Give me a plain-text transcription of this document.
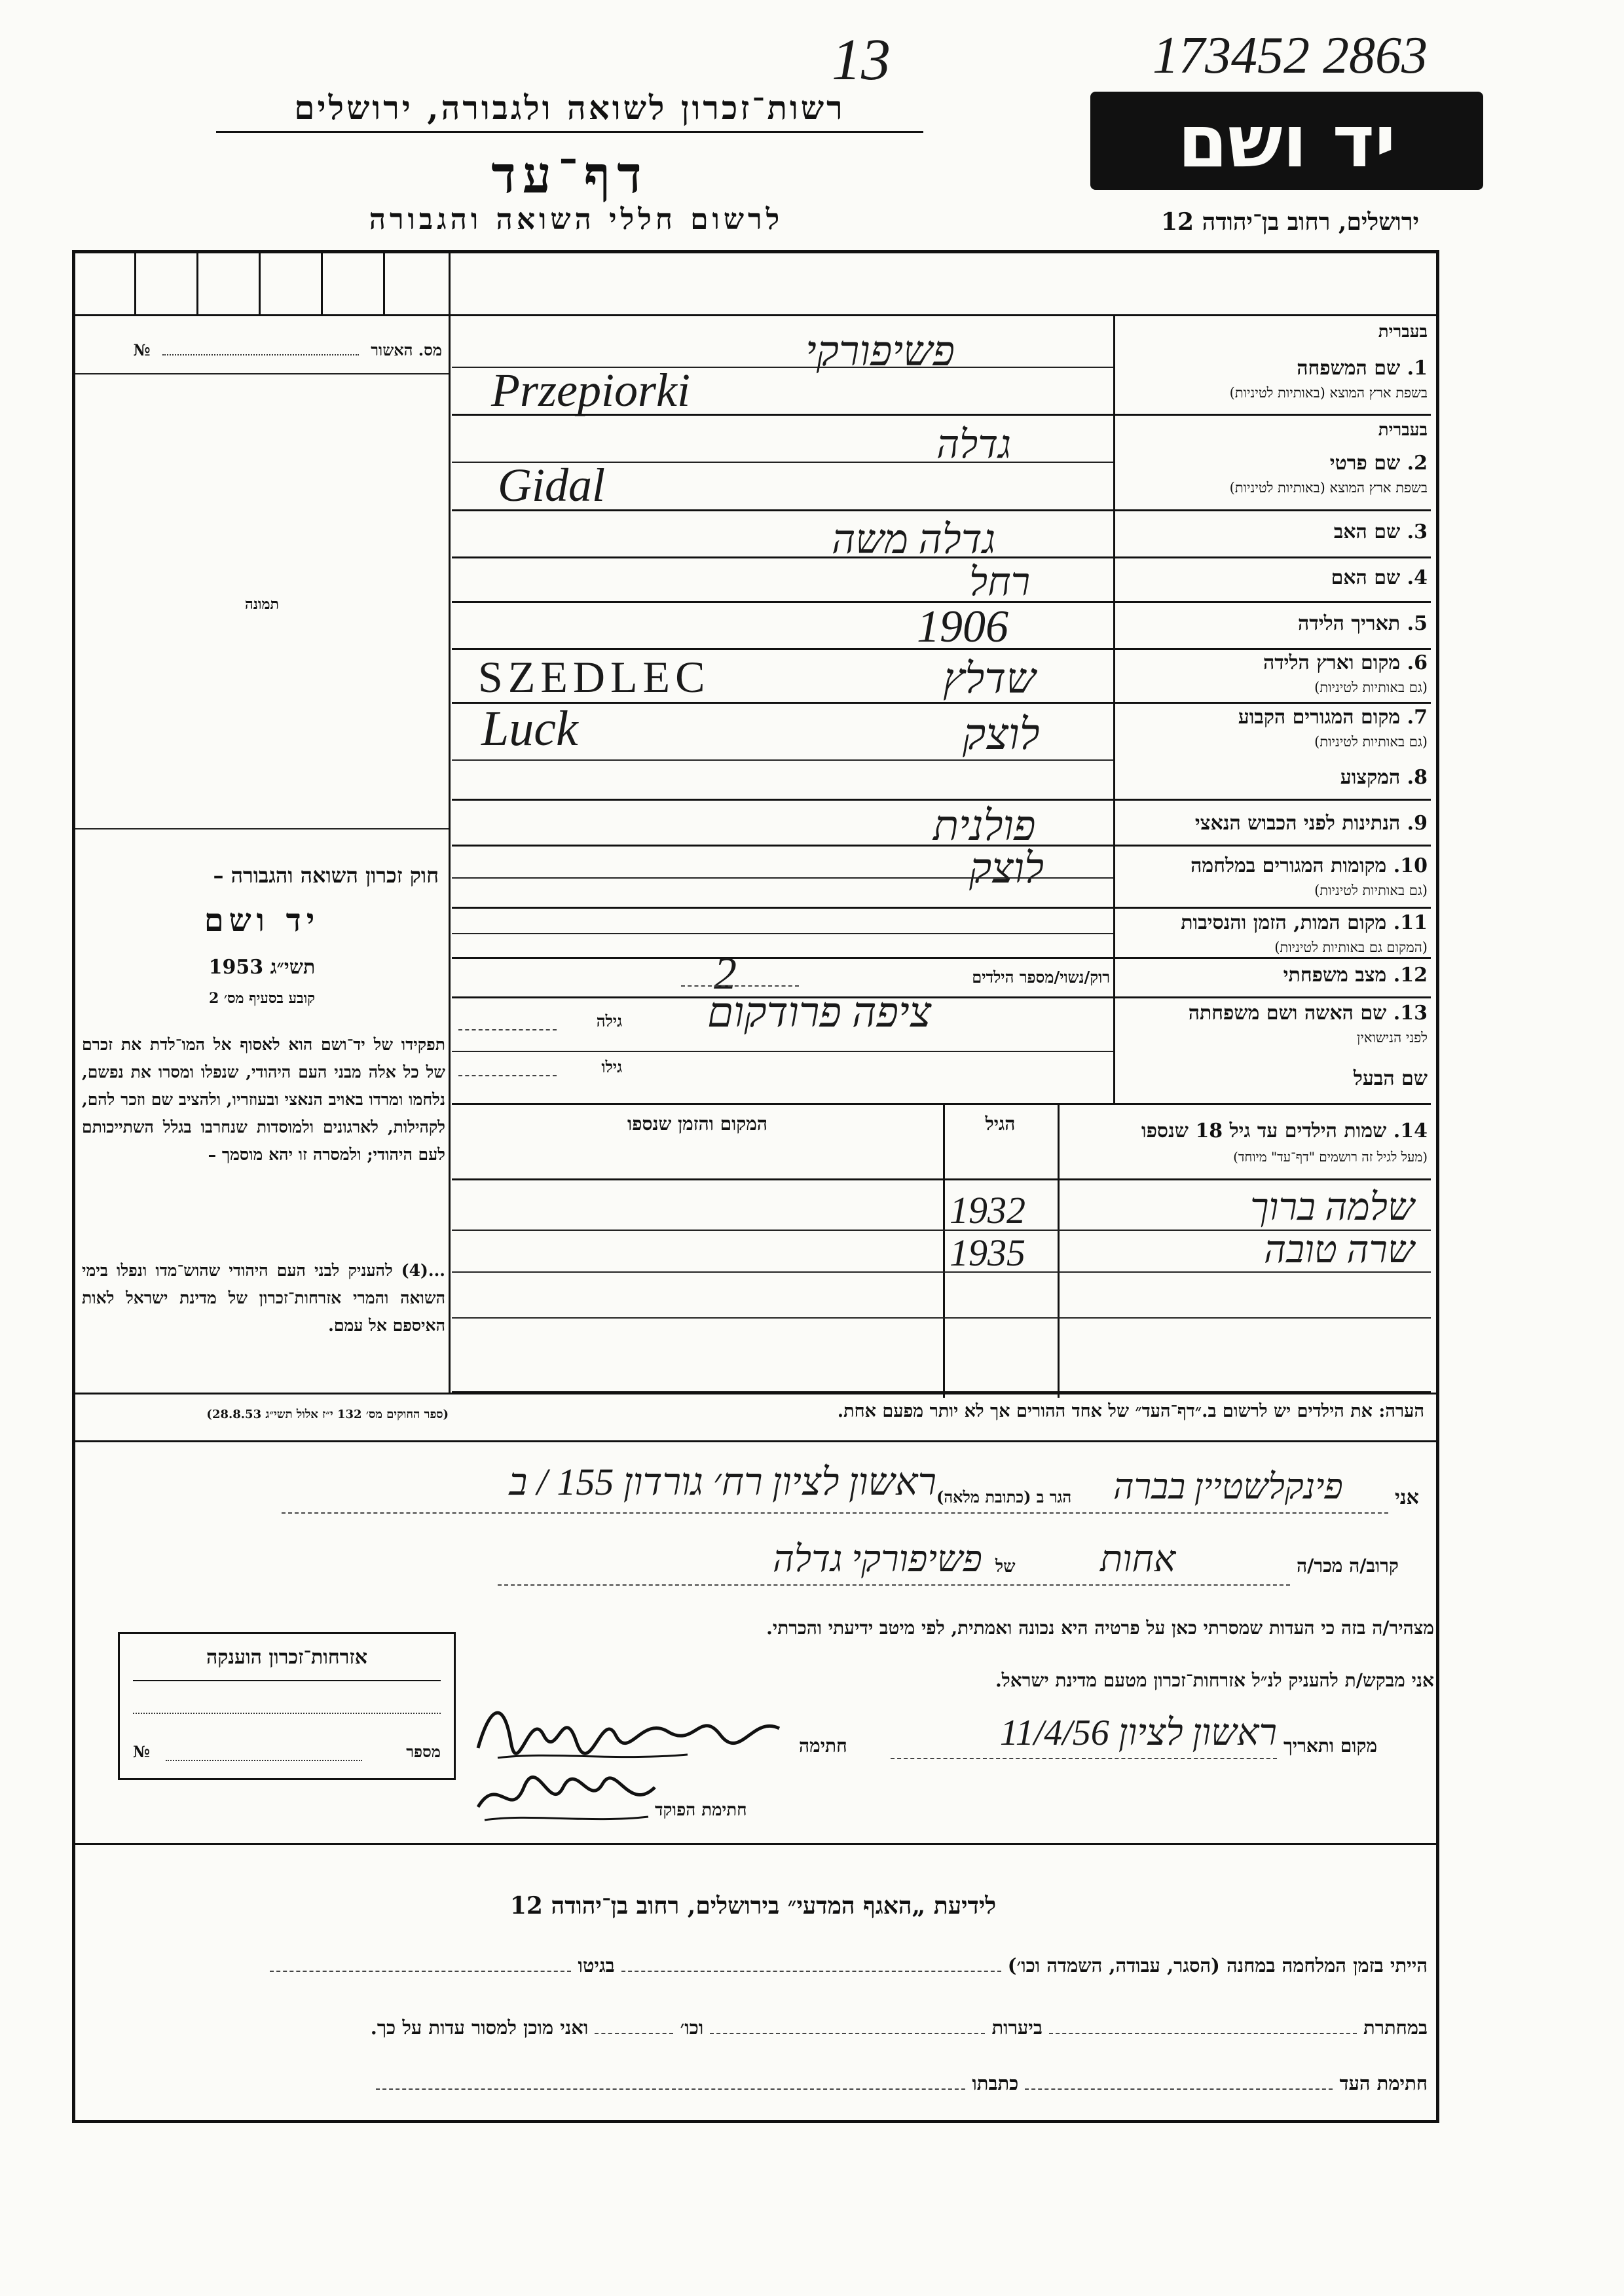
13	173452 2863
רשות־זכרון לשואה ולגבורה, ירושלים
דף־עד
לרשום חללי השואה והגבורה
יד ושם
ירושלים, רחוב בן־יהודה 12
מס. האשור  №
תמונה
חוק זכרון השואה והגבורה –
יד ושם
תשי״ג 1953
קובע בסעיף מס׳ 2
תפקידו של יד־ושם הוא לאסוף אל המו־לדת את זכרם של כל אלה מבני העם היהודי, שנפלו ומסרו את נפשם, נלחמו ומרדו באויב הנאצי ובעוזריו, ולהציב שם וזכר להם, לקהילות, לארגונים ולמוסדות שנחרבו בגלל השתייכותם לעם היהודי; ולמסרה זו יהא מוסמך –
...(4) להעניק לבני העם היהודי שהוש־מדו ונפלו בימי השואה והמרי אזרחות־זכרון של מדינת ישראל לאות האיספם אל עמם.
(ספר החוקים מס׳ 132 י״ז אלול תשי״ג 28.8.53)
בעברית
1. שם המשפחה
בשפת ארץ המוצא (באותיות לטיניות)
פשיפורקי
Przepiorki
בעברית
2. שם פרטי
בשפת ארץ המוצא (באותיות לטיניות)
גדלה
Gidal
3. שם האב
גדלה משה
4. שם האם
רחל
5. תאריך הלידה
1906
6. מקום וארץ הלידה
(גם באותיות לטיניות)
שדלץ
SZEDLEC
7. מקום המגורים הקבוע
(גם באותיות לטיניות)
לוצק
Luck
8. המקצוע
9. הנתינות לפני הכבוש הנאצי
פולנית
10. מקומות המגורים במלחמה
(גם באותיות לטיניות)
לוצק
11. מקום המות, הזמן והנסיבות
(המקום גם באותיות לטיניות)
12. מצב משפחתי
רוק/נשוי/מספר הילדים
2
13. שם האשה ושם משפחתה
לפני הנישואין
ציפה פרודקום
גילה
שם הבעל
גילו
14. שמות הילדים עד גיל 18 שנספו
(מעל לגיל זה רושמים "דף־עד" מיוחד)
הגיל
המקום והזמן שנספו
שלמה ברוך
1932
שרה טובה
1935
הערה: את הילדים יש לרשום ב.״דף־העד״ של אחד ההורים אך לא יותר מפעם אחת.
אני
פינקלשטיין בברה
הגר ב (כתובת מלאה)
ראשון לציון רח׳ גורדון 155 / ב
קרוב/ה מכר/ה
אחות
של
פשיפורקי גדלה
מצהיר/ה בזה כי העדות שמסרתי כאן על פרטיה היא נכונה ואמתית, לפי מיטב ידיעתי והכרתי.
אני מבקש/ת להעניק לנ״ל אזרחות־זכרון מטעם מדינת ישראל.
מקום ותאריך
ראשון לציון 11/4/56
חתימה
חתימת הפוקד
אזרחות־זכרון הוענקה
מספר
№
לידיעת „האגף המדעי״ בירושלים, רחוב בן־יהודה 12
הייתי בזמן המלחמה במחנה (הסגר, עבודה, השמדה וכו׳)  בגיטו
במחתרת  ביערות  וכו׳  ואני מוכן למסור עדות על כך.
חתימת העד  כתבתו
